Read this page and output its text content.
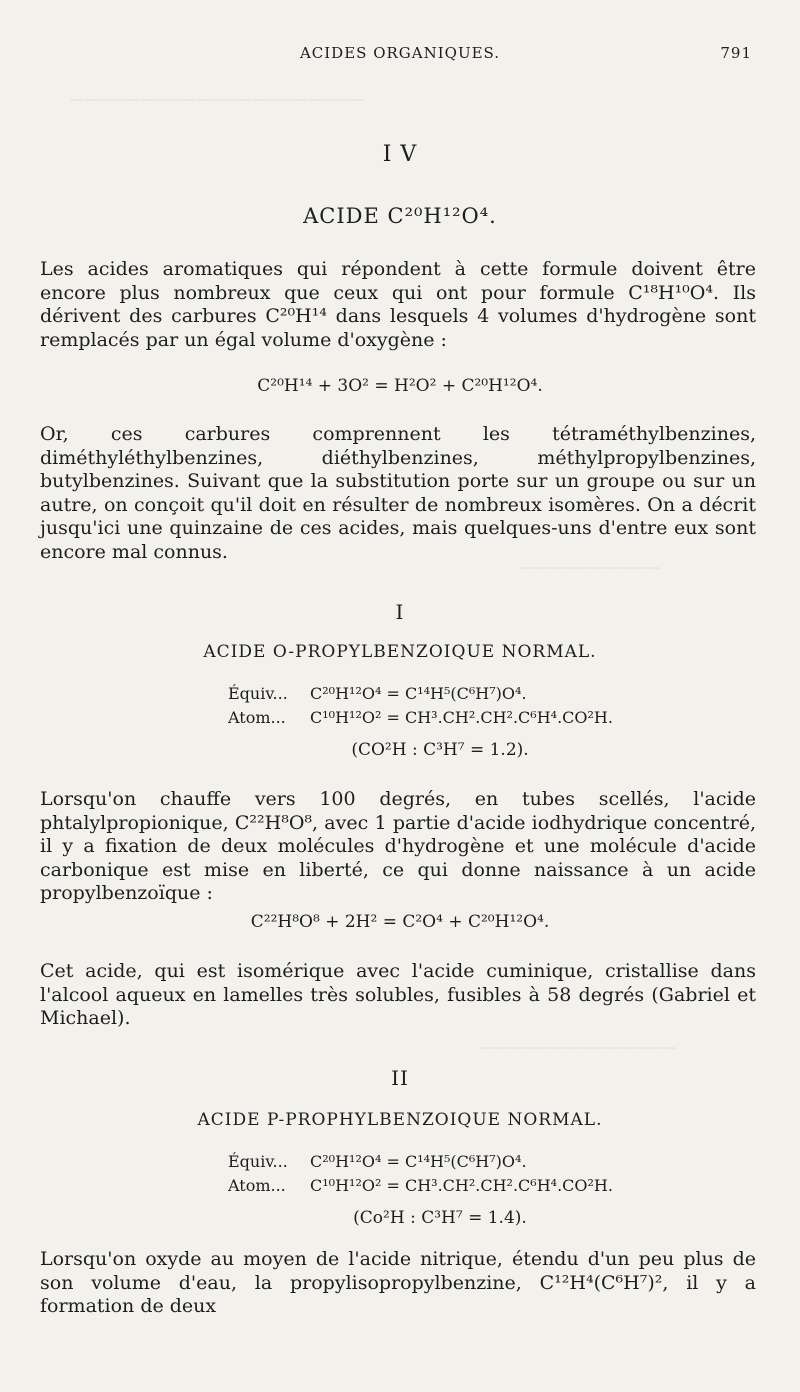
—————————————————————
——————————
——————————————
ACIDES ORGANIQUES.	791
I V
ACIDE C²⁰H¹²O⁴.
Les acides aromatiques qui répondent à cette formule doivent être encore plus nombreux que ceux qui ont pour formule C¹⁸H¹⁰O⁴. Ils dérivent des carbures C²⁰H¹⁴ dans lesquels 4 volumes d'hydrogène sont remplacés par un égal volume d'oxygène :
C²⁰H¹⁴ + 3O² = H²O² + C²⁰H¹²O⁴.
Or, ces carbures comprennent les tétraméthylbenzines, diméthyléthylbenzines, diéthylbenzines, méthylpropylbenzines, butylbenzines. Suivant que la substitution porte sur un groupe ou sur un autre, on conçoit qu'il doit en résulter de nombreux isomères. On a décrit jusqu'ici une quinzaine de ces acides, mais quelques-uns d'entre eux sont encore mal connus.
I
ACIDE O-PROPYLBENZOIQUE NORMAL.
Équiv... C²⁰H¹²O⁴ = C¹⁴H⁵(C⁶H⁷)O⁴.
Atom... C¹⁰H¹²O² = CH³.CH².CH².C⁶H⁴.CO²H.
(CO²H : C³H⁷ = 1.2).
Lorsqu'on chauffe vers 100 degrés, en tubes scellés, l'acide phtalylpropionique, C²²H⁸O⁸, avec 1 partie d'acide iodhydrique concentré, il y a fixation de deux molécules d'hydrogène et une molécule d'acide carbonique est mise en liberté, ce qui donne naissance à un acide propylbenzoïque :
C²²H⁸O⁸ + 2H² = C²O⁴ + C²⁰H¹²O⁴.
Cet acide, qui est isomérique avec l'acide cuminique, cristallise dans l'alcool aqueux en lamelles très solubles, fusibles à 58 degrés (Gabriel et Michael).
II
ACIDE P-PROPHYLBENZOIQUE NORMAL.
Équiv... C²⁰H¹²O⁴ = C¹⁴H⁵(C⁶H⁷)O⁴.
Atom... C¹⁰H¹²O² = CH³.CH².CH².C⁶H⁴.CO²H.
(Co²H : C³H⁷ = 1.4).
Lorsqu'on oxyde au moyen de l'acide nitrique, étendu d'un peu plus de son volume d'eau, la propylisopropylbenzine, C¹²H⁴(C⁶H⁷)², il y a formation de deux
